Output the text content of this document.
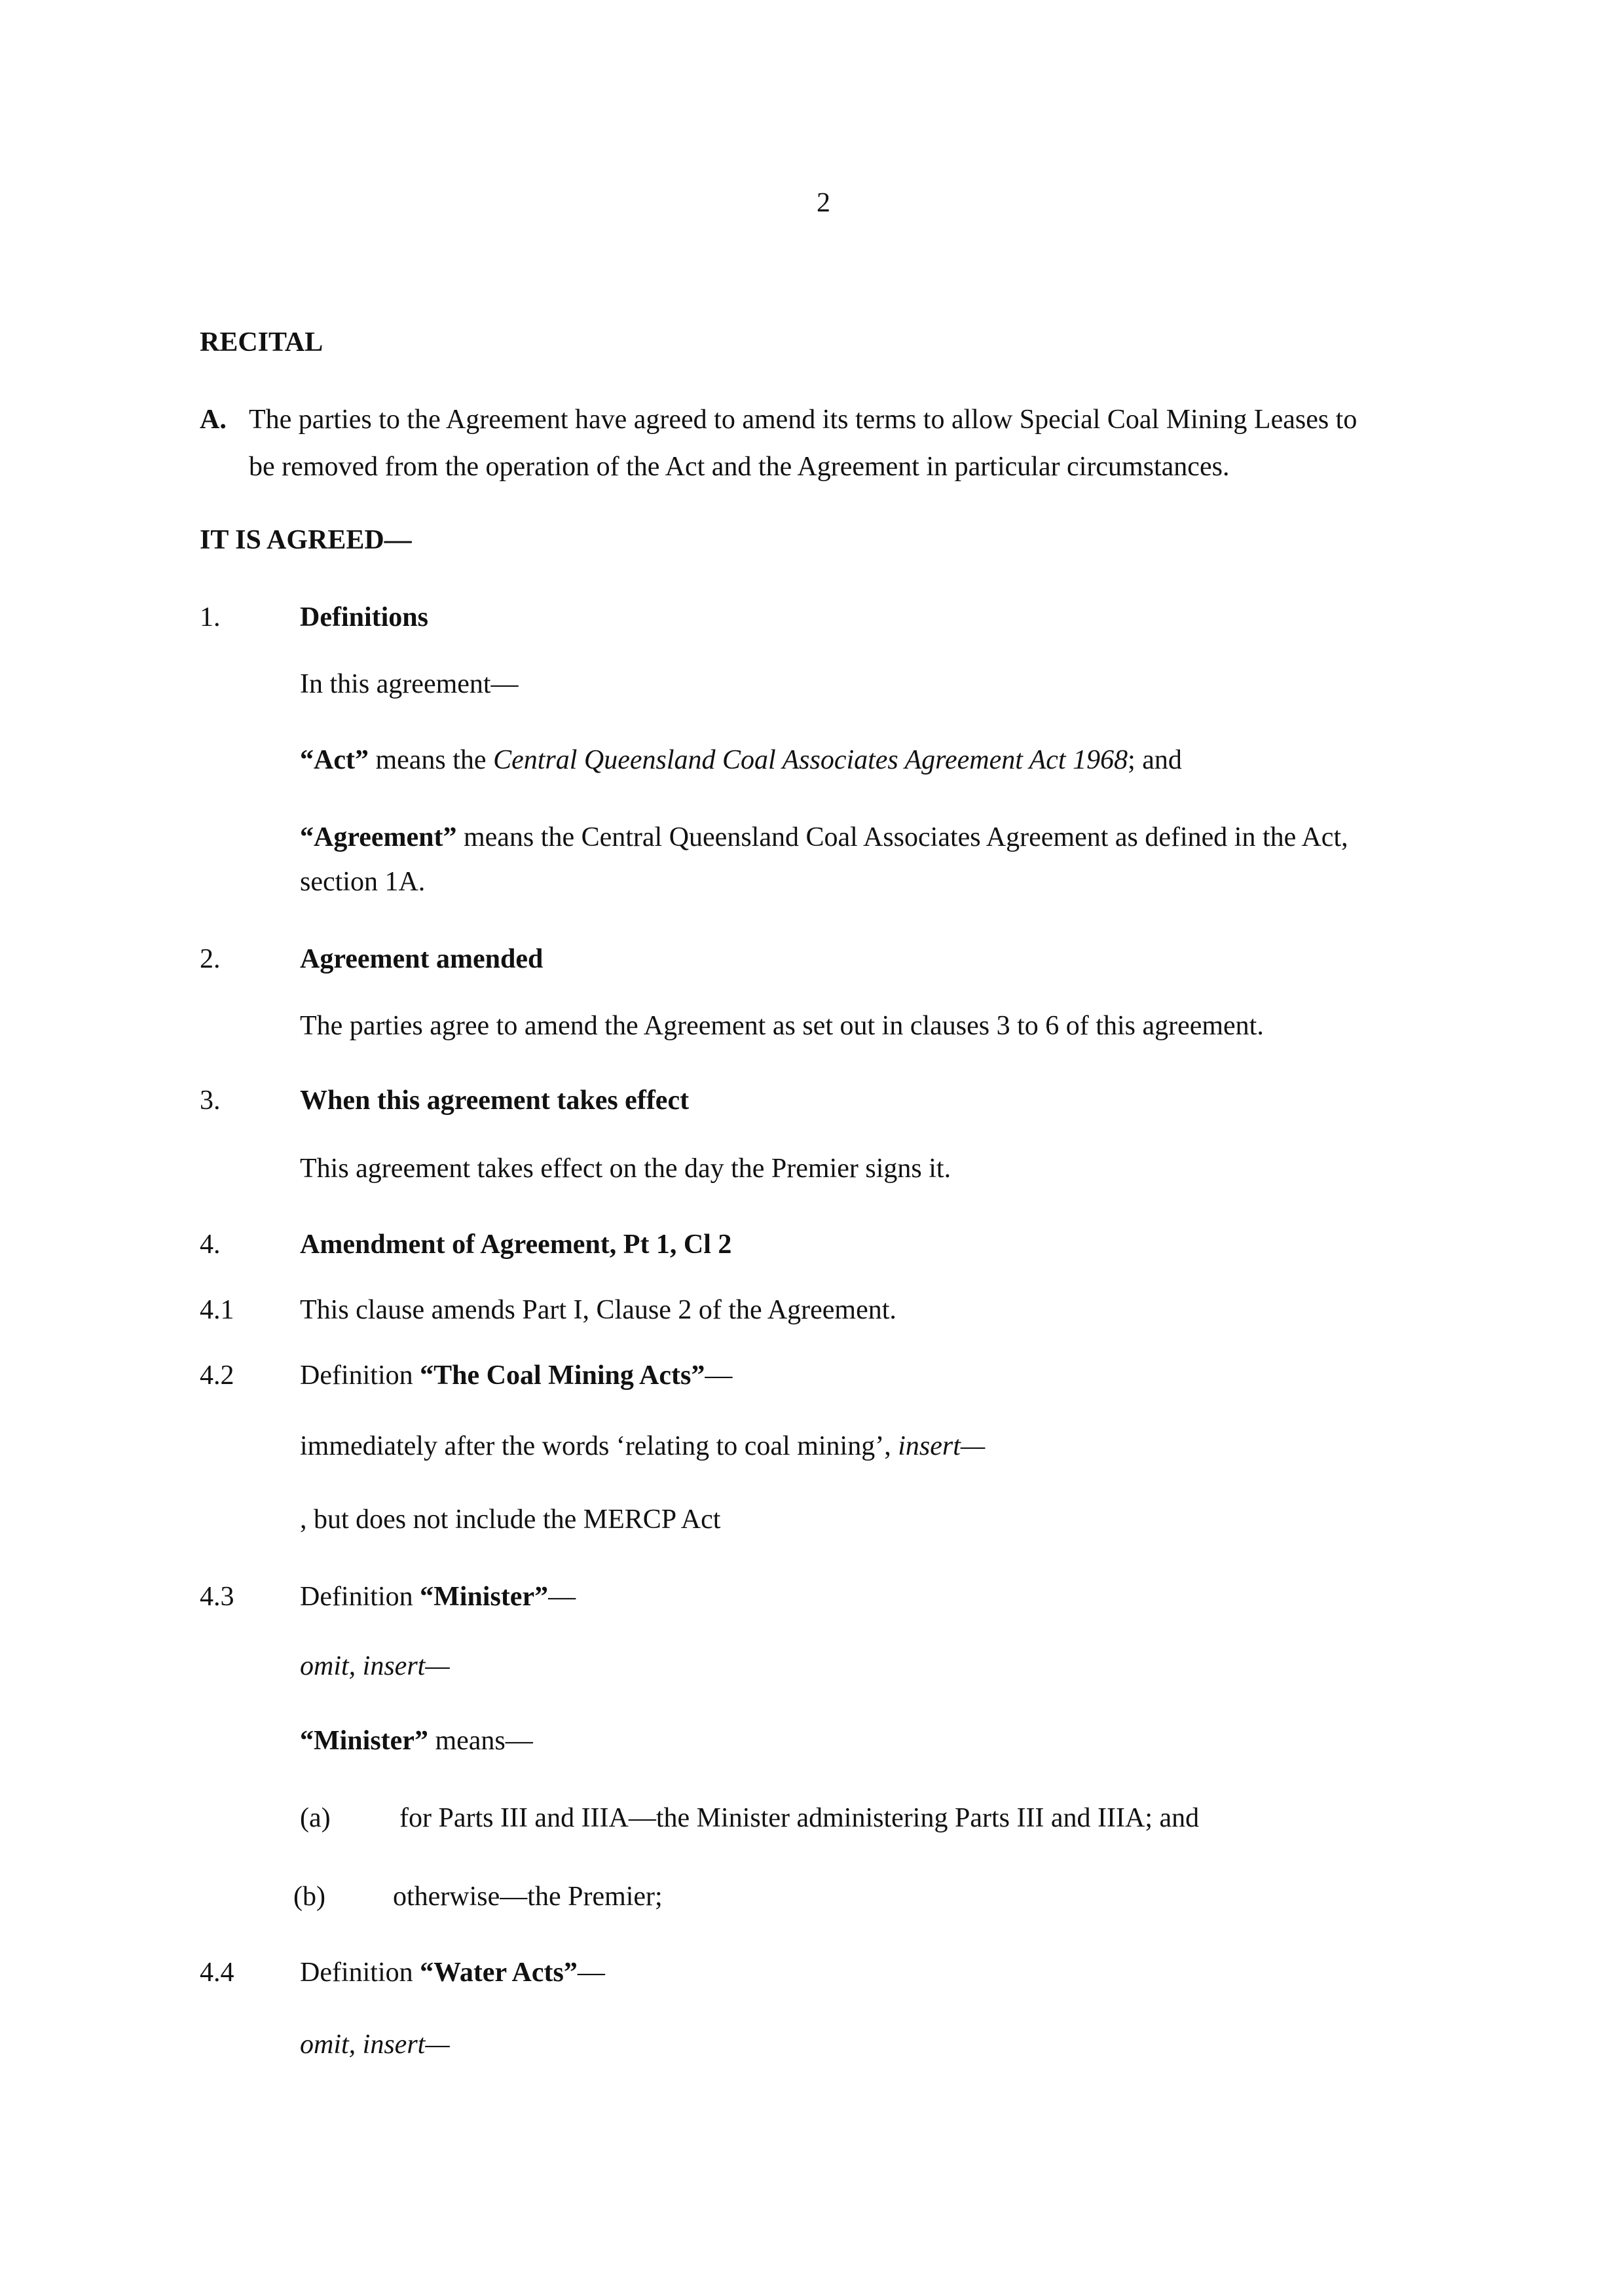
2
RECITAL
A. The parties to the Agreement have agreed to amend its terms to allow Special Coal Mining Leases to
be removed from the operation of the Act and the Agreement in particular circumstances.
IT IS AGREED—
1.	Definitions
In this agreement—
“Act” means the Central Queensland Coal Associates Agreement Act 1968; and
“Agreement” means the Central Queensland Coal Associates Agreement as defined in the Act,
section 1A.
2.	Agreement amended
The parties agree to amend the Agreement as set out in clauses 3 to 6 of this agreement.
3.	When this agreement takes effect
This agreement takes effect on the day the Premier signs it.
4.	Amendment of Agreement, Pt 1, Cl 2
4.1 This clause amends Part I, Clause 2 of the Agreement.
4.2 Definition “The Coal Mining Acts”—
immediately after the words ‘relating to coal mining’, insert—
, but does not include the MERCP Act
4.3 Definition “Minister”—
omit, insert—
“Minister” means—
(a)	for Parts III and IIIA—the Minister administering Parts III and IIIA; and
(b) otherwise—the Premier;
4.4 Definition “Water Acts”—
omit, insert—
